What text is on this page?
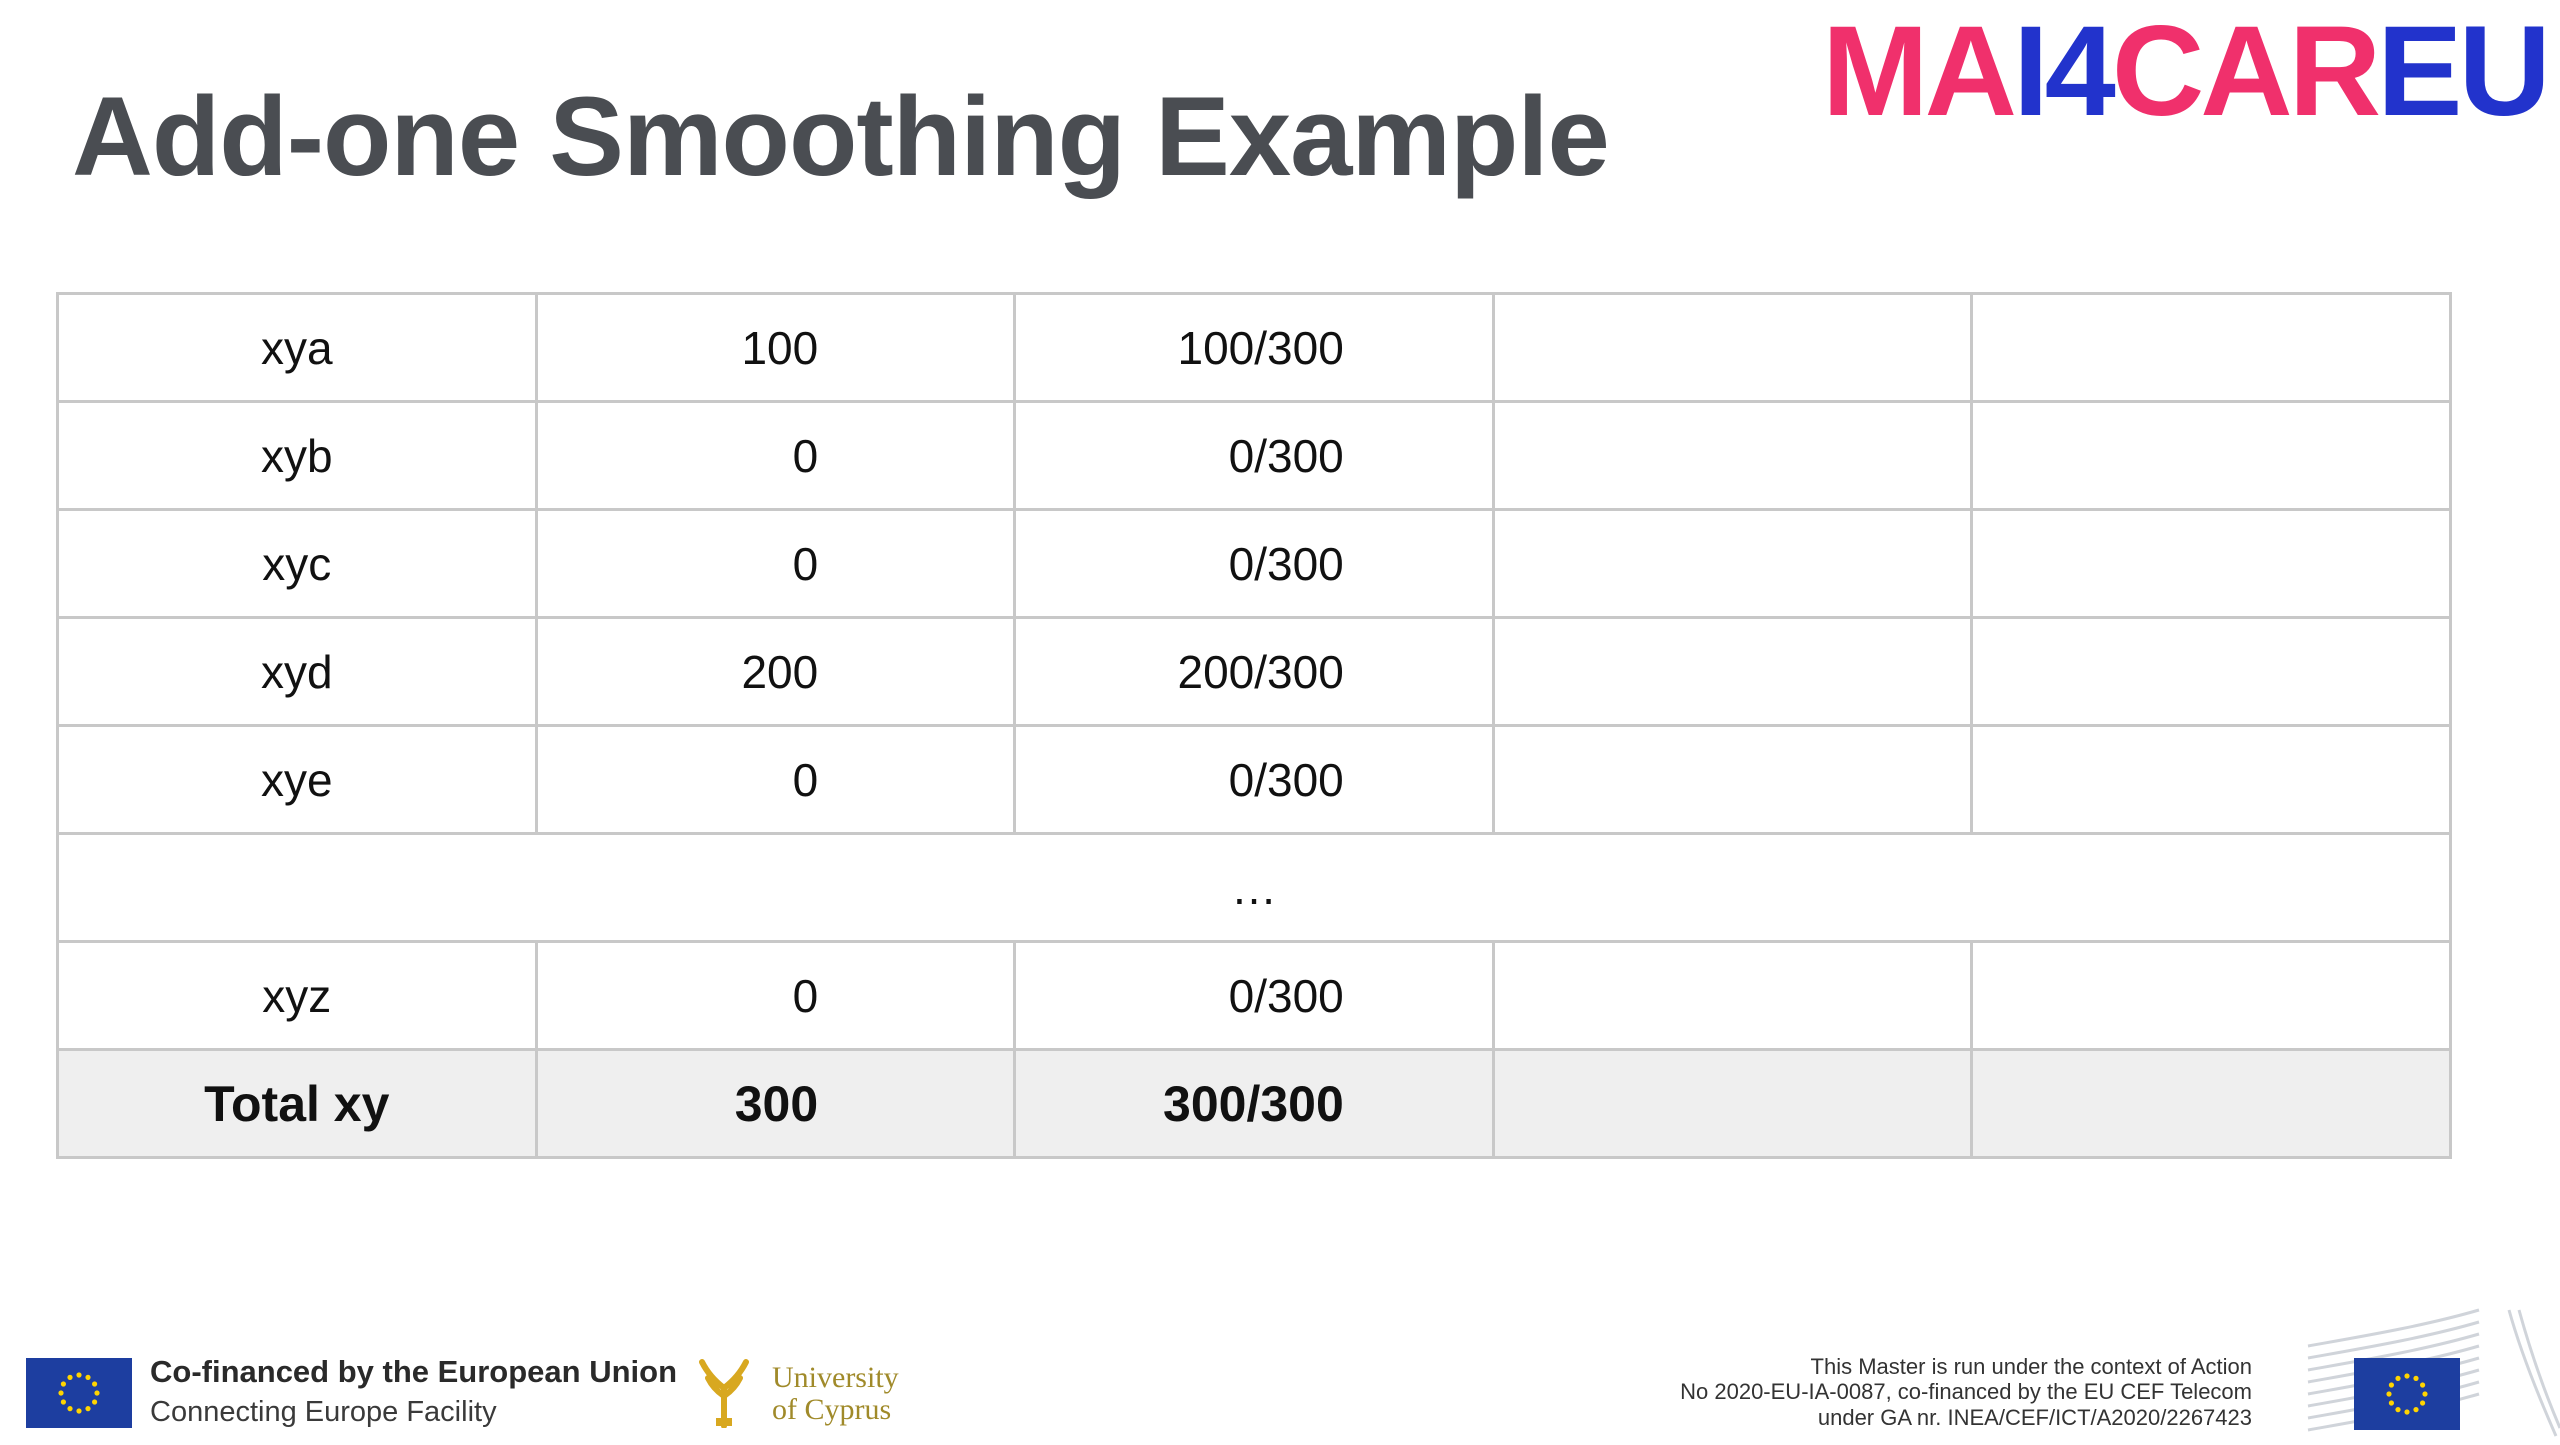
Add-one Smoothing Example MAI4CAREU
xya	100	100/300		
xyb	0	0/300		
xyc	0	0/300		
xyd	200	200/300		
xye	0	0/300		
…				
xyz	0	0/300		
Total xy	300	300/300		
Co-financed by the European Union
Connecting Europe Facility
University
of Cyprus
This Master is run under the context of Action
No 2020-EU-IA-0087, co-financed by the EU CEF Telecom
under GA nr. INEA/CEF/ICT/A2020/2267423
